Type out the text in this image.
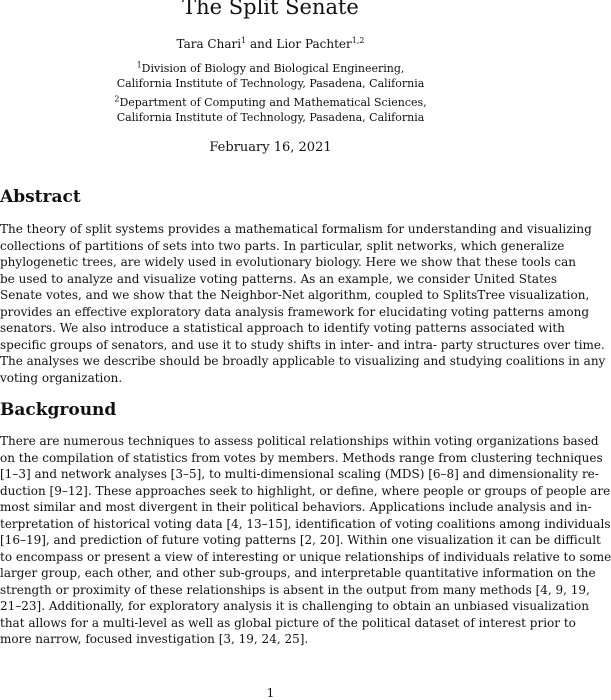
The Split Senate
Tara Chari$^1$ and Lior Pachter$^{1,2}$
$^1$Division of Biology and Biological Engineering,
California Institute of Technology, Pasadena, California
$^2$Department of Computing and Mathematical Sciences,
California Institute of Technology, Pasadena, California
February 16, 2021
Abstract
The theory of split systems provides a mathematical formalism for understanding and visualizing
collections of partitions of sets into two parts. In particular, split networks, which generalize
phylogenetic trees, are widely used in evolutionary biology. Here we show that these tools can
be used to analyze and visualize voting patterns. As an example, we consider United States
Senate votes, and we show that the Neighbor-Net algorithm, coupled to SplitsTree visualization,
provides an effective exploratory data analysis framework for elucidating voting patterns among
senators. We also introduce a statistical approach to identify voting patterns associated with
specific groups of senators, and use it to study shifts in inter- and intra- party structures over time.
The analyses we describe should be broadly applicable to visualizing and studying coalitions in any
voting organization.
Background
There are numerous techniques to assess political relationships within voting organizations based
on the compilation of statistics from votes by members. Methods range from clustering techniques
[1–3] and network analyses [3–5], to multi-dimensional scaling (MDS) [6–8] and dimensionality re-
duction [9–12]. These approaches seek to highlight, or define, where people or groups of people are
most similar and most divergent in their political behaviors. Applications include analysis and in-
terpretation of historical voting data [4, 13–15], identification of voting coalitions among individuals
[16–19], and prediction of future voting patterns [2, 20]. Within one visualization it can be difficult
to encompass or present a view of interesting or unique relationships of individuals relative to some
larger group, each other, and other sub-groups, and interpretable quantitative information on the
strength or proximity of these relationships is absent in the output from many methods [4, 9, 19,
21–23]. Additionally, for exploratory analysis it is challenging to obtain an unbiased visualization
that allows for a multi-level as well as global picture of the political dataset of interest prior to
more narrow, focused investigation [3, 19, 24, 25].
1
